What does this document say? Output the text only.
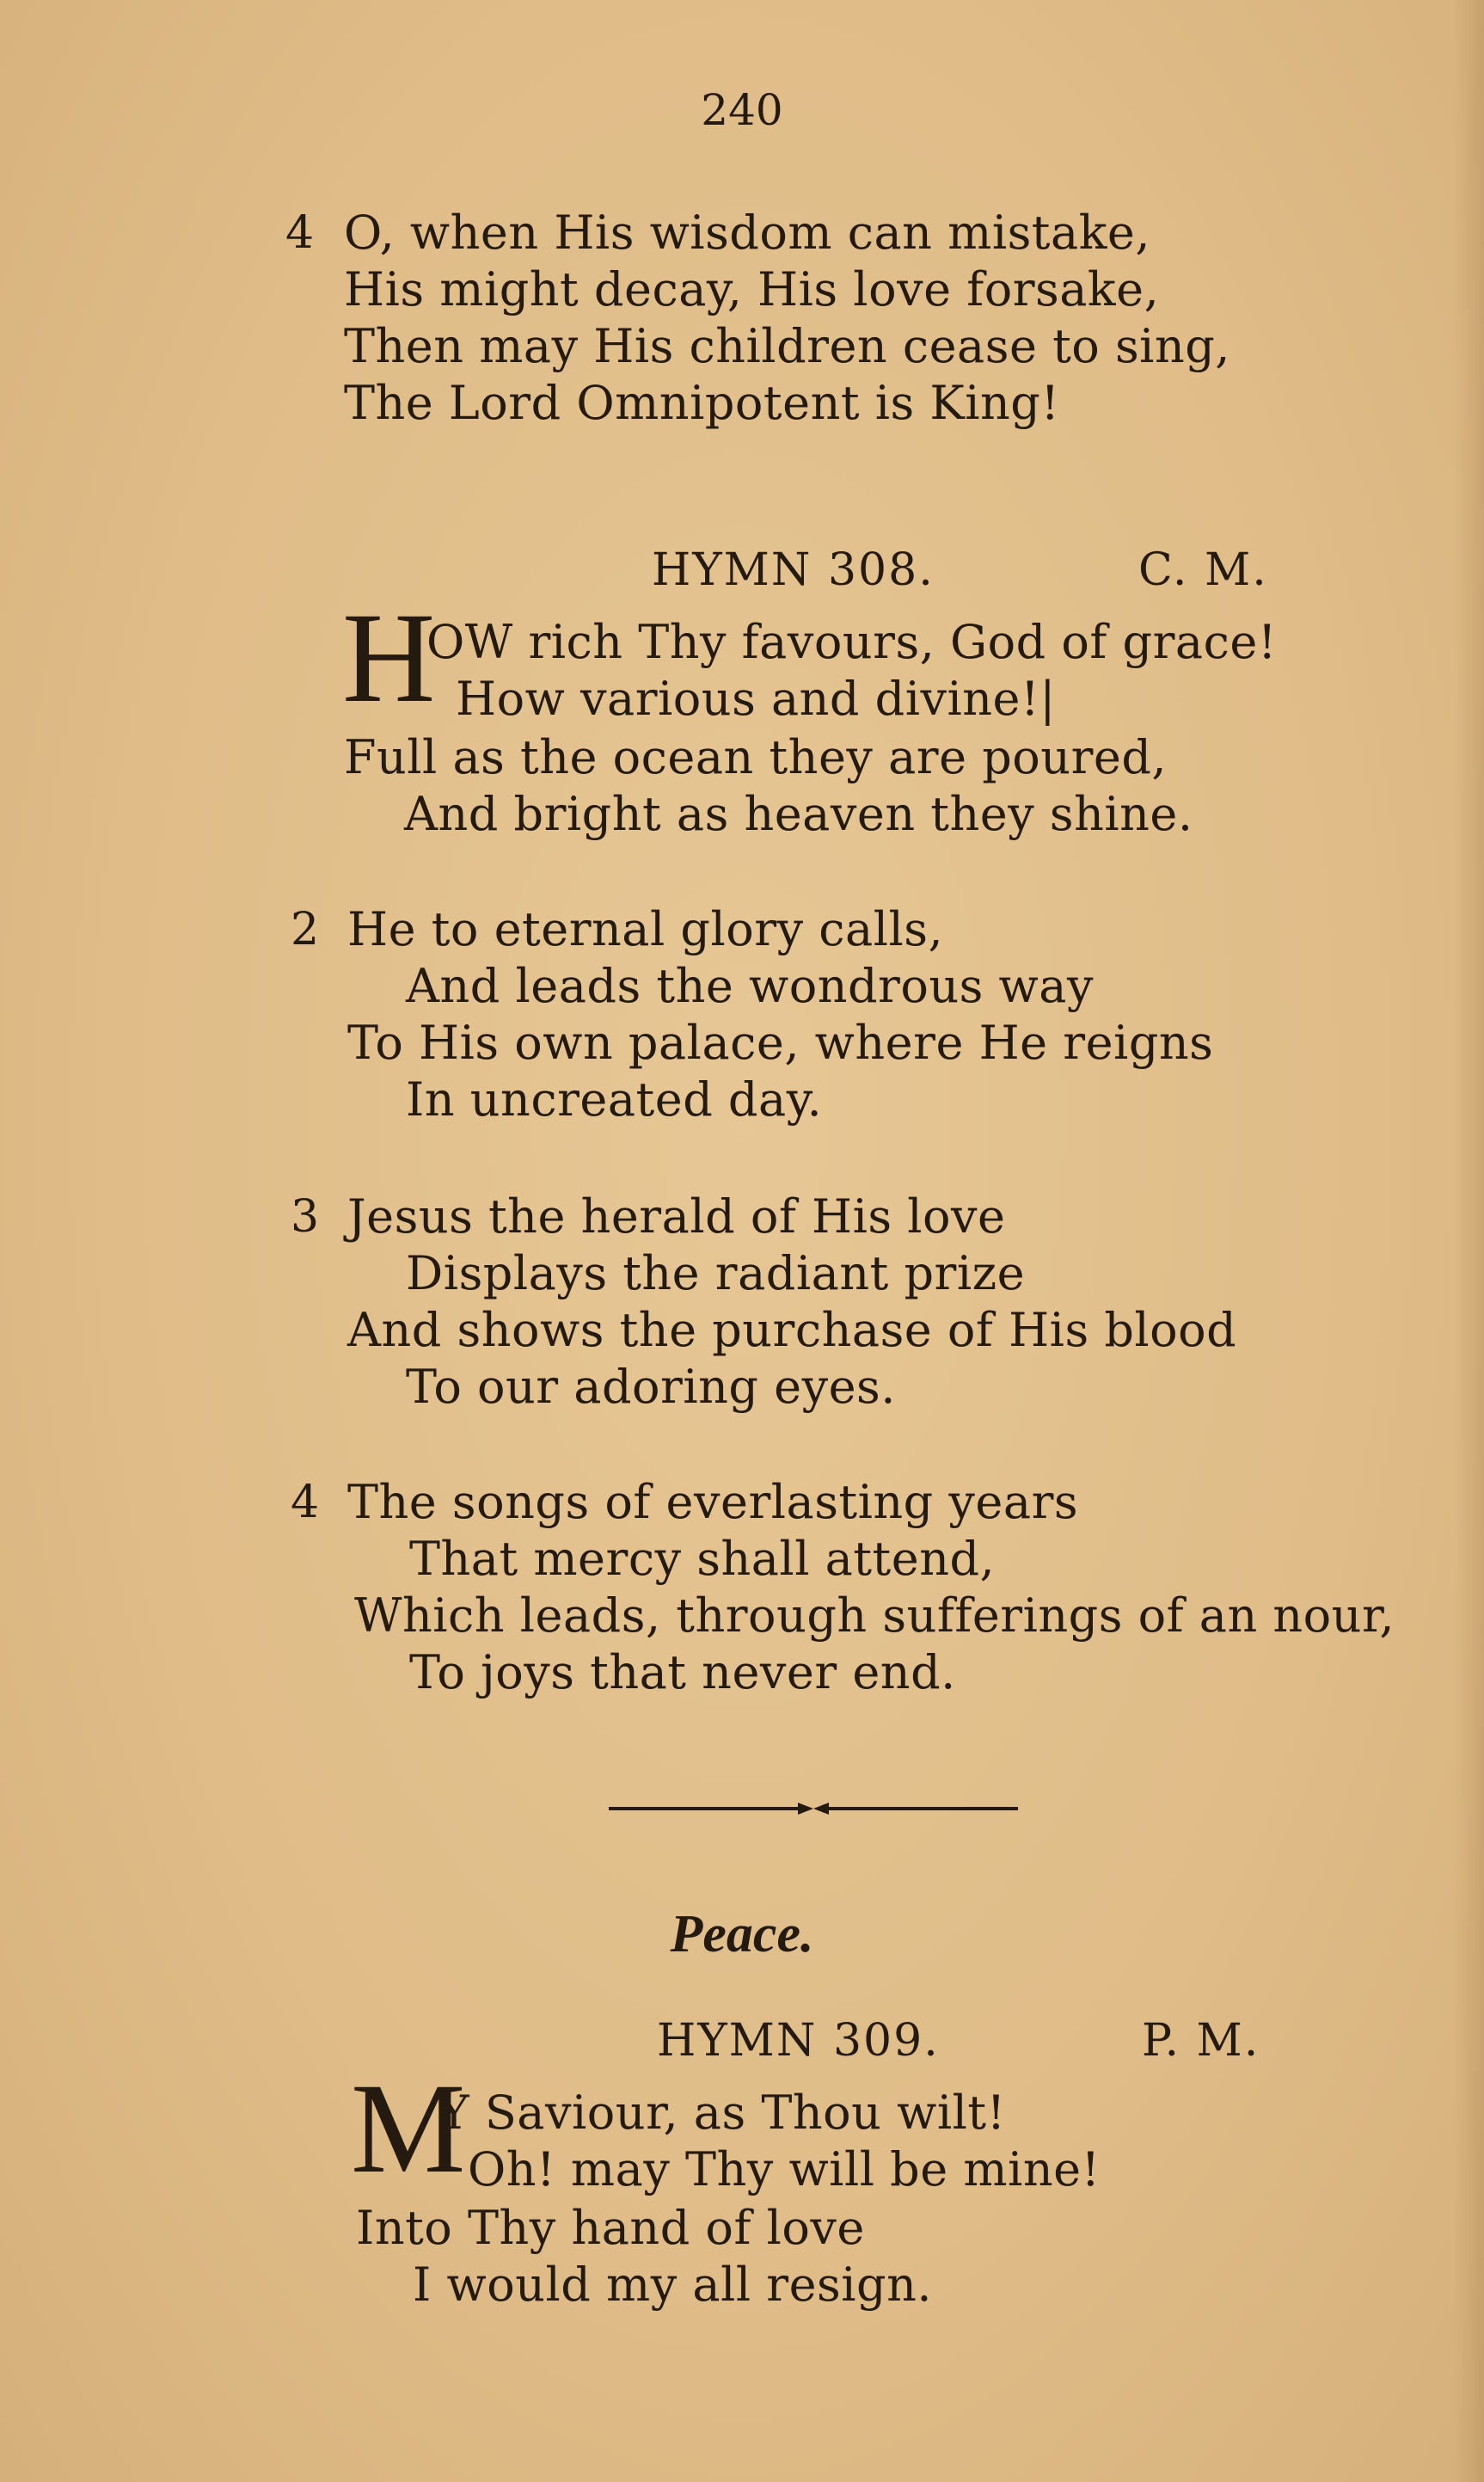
240
4 O, when His wisdom can mistake,
His might decay, His love forsake,
Then may His children cease to sing,
The Lord Omnipotent is King!
HYMN 308.	C. M.
H
OW rich Thy favours, God of grace!
How various and divine!|
Full as the ocean they are poured,
And bright as heaven they shine.
2 He to eternal glory calls,
And leads the wondrous way
To His own palace, where He reigns
In uncreated day.
3 Jesus the herald of His love
Displays the radiant prize
And shows the purchase of His blood
To our adoring eyes.
4 The songs of everlasting years
That mercy shall attend,
Which leads, through sufferings of an nour,
To joys that never end.
Peace.
HYMN 309.	P. M.
M
Y Saviour, as Thou wilt!
Oh! may Thy will be mine!
Into Thy hand of love
I would my all resign.
